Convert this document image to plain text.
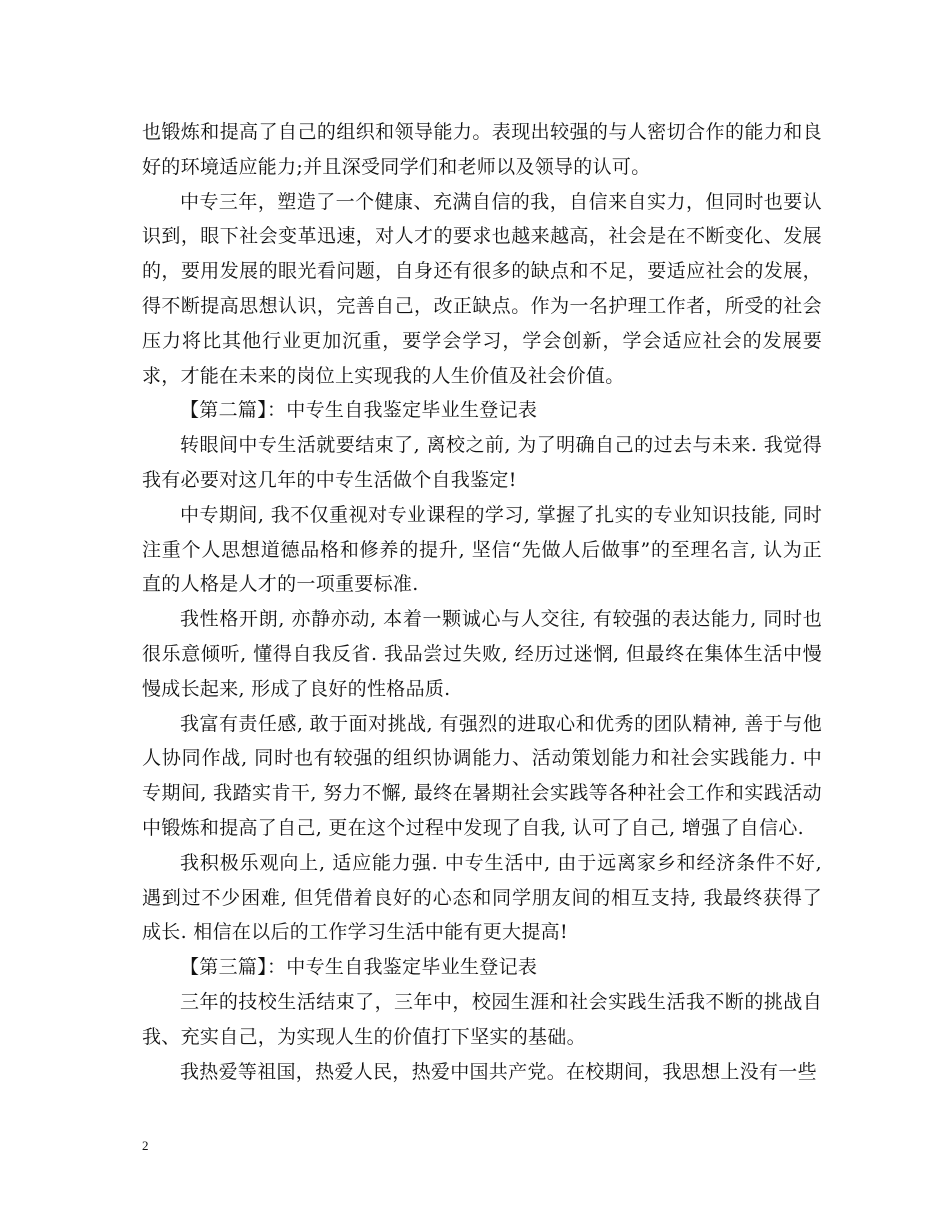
也锻炼和提高了自己的组织和领导能力。表现出较强的与人密切合作的能力和良好的环境适应能力;并且深受同学们和老师以及领导的认可。

中专三年，塑造了一个健康、充满自信的我，自信来自实力，但同时也要认识到，眼下社会变革迅速，对人才的要求也越来越高，社会是在不断变化、发展的，要用发展的眼光看问题，自身还有很多的缺点和不足，要适应社会的发展，得不断提高思想认识，完善自己，改正缺点。作为一名护理工作者，所受的社会压力将比其他行业更加沉重，要学会学习，学会创新，学会适应社会的发展要求，才能在未来的岗位上实现我的人生价值及社会价值。

【第二篇】：中专生自我鉴定毕业生登记表

转眼间中专生活就要结束了, 离校之前, 为了明确自己的过去与未来. 我觉得我有必要对这几年的中专生活做个自我鉴定!

中专期间, 我不仅重视对专业课程的学习, 掌握了扎实的专业知识技能, 同时注重个人思想道德品格和修养的提升, 坚信“先做人后做事”的至理名言, 认为正直的人格是人才的一项重要标准.

我性格开朗, 亦静亦动, 本着一颗诚心与人交往, 有较强的表达能力, 同时也很乐意倾听, 懂得自我反省. 我品尝过失败, 经历过迷惘, 但最终在集体生活中慢慢成长起来, 形成了良好的性格品质.

我富有责任感, 敢于面对挑战, 有强烈的进取心和优秀的团队精神, 善于与他人协同作战, 同时也有较强的组织协调能力、活动策划能力和社会实践能力. 中专期间, 我踏实肯干, 努力不懈, 最终在暑期社会实践等各种社会工作和实践活动中锻炼和提高了自己, 更在这个过程中发现了自我, 认可了自己, 增强了自信心.

我积极乐观向上, 适应能力强. 中专生活中, 由于远离家乡和经济条件不好, 遇到过不少困难, 但凭借着良好的心态和同学朋友间的相互支持, 我最终获得了成长. 相信在以后的工作学习生活中能有更大提高!

【第三篇】：中专生自我鉴定毕业生登记表

三年的技校生活结束了，三年中，校园生涯和社会实践生活我不断的挑战自我、充实自己，为实现人生的价值打下坚实的基础。

我热爱等祖国，热爱人民，热爱中国共产党。在校期间，我思想上没有一些

2
